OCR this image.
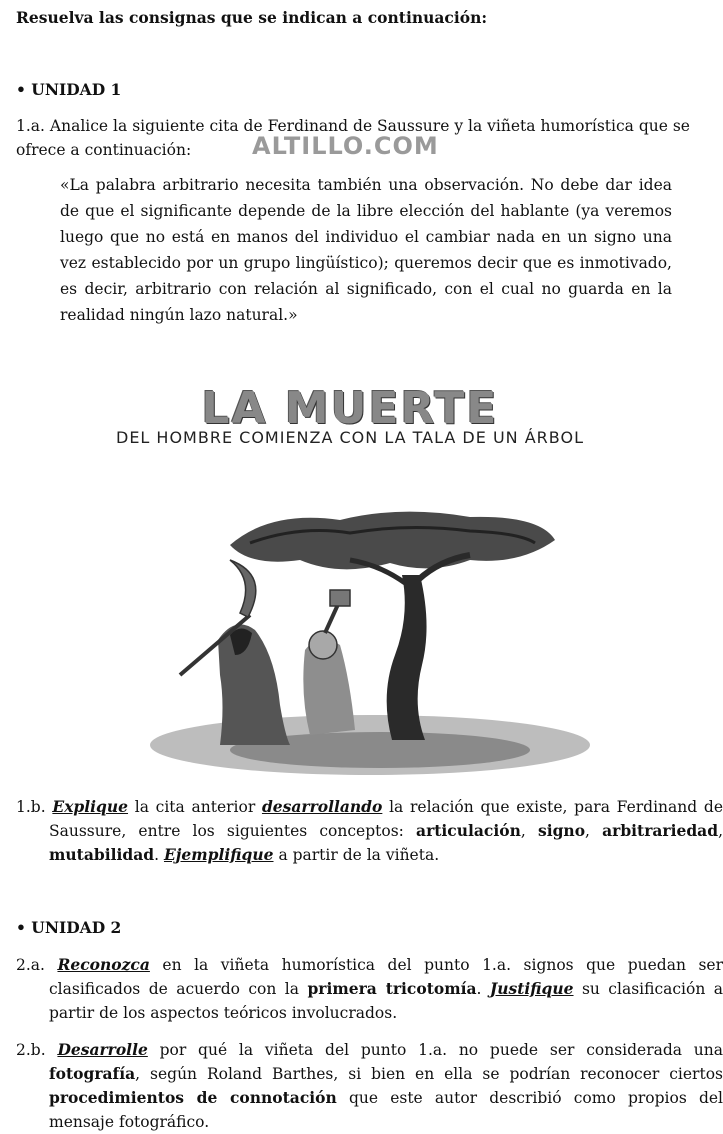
Resuelva las consignas que se indican a continuación:
• UNIDAD 1
1.a. Analice la siguiente cita de Ferdinand de Saussure y la viñeta humorística que se ofrece a continuación:	ALTILLO.COM
«La palabra arbitrario necesita también una observación. No debe dar idea de que el significante depende de la libre elección del hablante (ya veremos luego que no está en manos del individuo el cambiar nada en un signo una vez establecido por un grupo lingüístico); queremos decir que es inmotivado, es decir, arbitrario con relación al significado, con el cual no guarda en la realidad ningún lazo natural.»
LA MUERTE
DEL HOMBRE COMIENZA CON LA TALA DE UN ÁRBOL
1.b. Explique la cita anterior desarrollando la relación que existe, para Ferdinand de Saussure, entre los siguientes conceptos: articulación, signo, arbitrariedad, mutabilidad. Ejemplifique a partir de la viñeta.
• UNIDAD 2
2.a. Reconozca en la viñeta humorística del punto 1.a. signos que puedan ser clasificados de acuerdo con la primera tricotomía. Justifique su clasificación a partir de los aspectos teóricos involucrados.
2.b. Desarrolle por qué la viñeta del punto 1.a. no puede ser considerada una fotografía, según Roland Barthes, si bien en ella se podrían reconocer ciertos procedimientos de connotación que este autor describió como propios del mensaje fotográfico.
